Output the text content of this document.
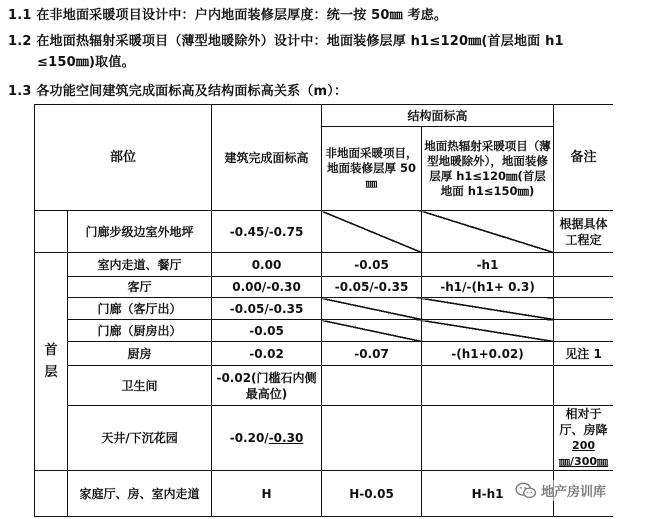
1.1 在非地面采暖项目设计中：户内地面装修层厚度：统一按 50㎜ 考虑。
1.2 在地面热辐射采暖项目（薄型地暖除外）设计中：地面装修层厚 h1≤120㎜(首层地面 h1
≤150㎜)取值。
1.3 各功能空间建筑完成面标高及结构面标高关系（m）：
部位		建筑完成面标高	结构面标高		备注
			非地面采暖项目，地面装修层厚 50㎜	地面热辐射采暖项目（薄型地暖除外），地面装修层厚 h1≤120㎜(首层地面 h1≤150㎜)	
	门廊步级边室外地坪	-0.45/-0.75			根据具体工程定
首层	室内走道、餐厅	0.00	-0.05	-h1	
	客厅	0.00/-0.30	-0.05/-0.35	-h1/-(h1+ 0.3)	
	门廊（客厅出）	-0.05/-0.35			
	门廊（厨房出）	-0.05			
	厨房	-0.02	-0.07	-(h1+0.02)	见注 1
	卫生间	-0.02(门槛石内侧最高位)			
	天井/下沉花园	-0.20/-0.30			相对于厅、房降
200㎜/300㎜

	家庭厅、房、室内走道	H	H-0.05	H-h1		地产房训库
